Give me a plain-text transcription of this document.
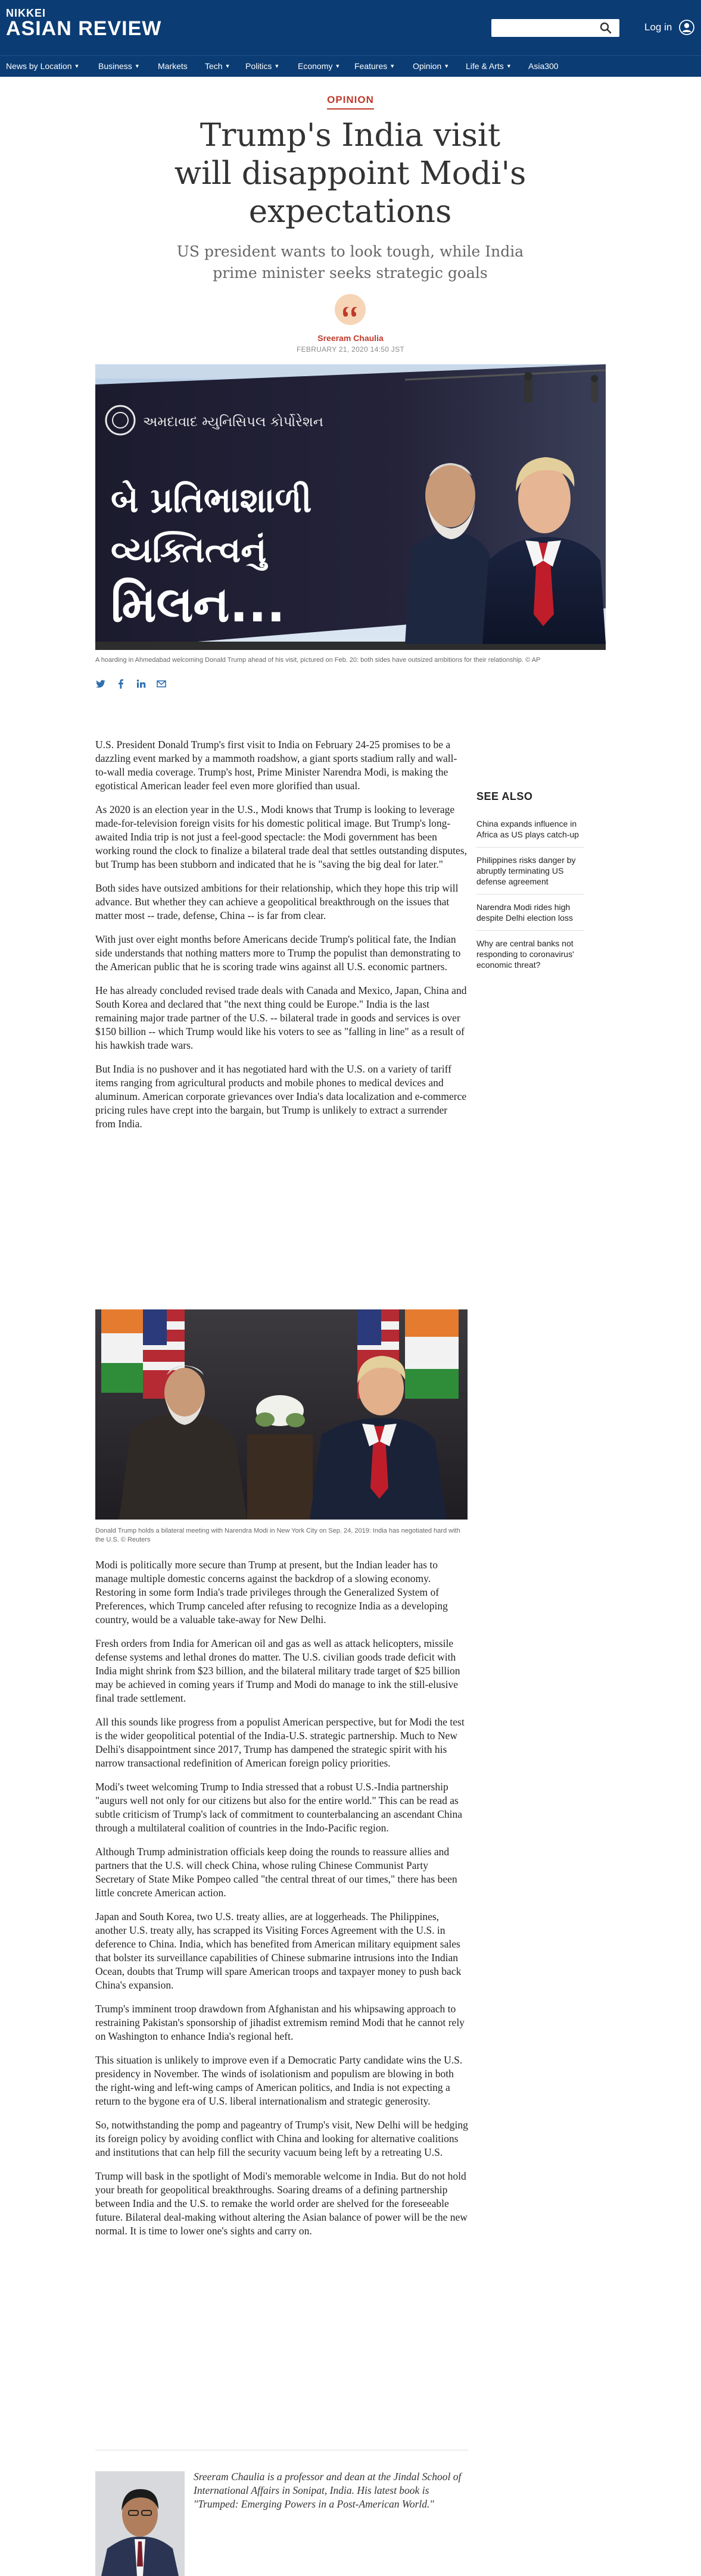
NIKKEI
ASIAN REVIEW	Log in
News by Location ▼ Business ▼ Markets Tech ▼ Politics ▼ Economy ▼ Features ▼ Opinion ▼ Life & Arts ▼ Asia300
OPINION
Trump's India visit will disappoint Modi's expectations
US president wants to look tough, while India prime minister seeks strategic goals
Sreeram Chaulia
FEBRUARY 21, 2020 14:50 JST
અમદાવાદ મ્યુનિસિપલ કોર્પોરેશન
બે પ્રતિભાશાળી
વ્યક્તિત્વનું
મિલન...
A hoarding in Ahmedabad welcoming Donald Trump ahead of his visit, pictured on Feb. 20: both sides have outsized ambitions for their relationship. © AP

U.S. President Donald Trump's first visit to India on February 24-25 promises to be a dazzling event marked by a mammoth roadshow, a giant sports stadium rally and wall-to-wall media coverage. Trump's host, Prime Minister Narendra Modi, is making the egotistical American leader feel even more glorified than usual.

As 2020 is an election year in the U.S., Modi knows that Trump is looking to leverage made-for-television foreign visits for his domestic political image. But Trump's long-awaited India trip is not just a feel-good spectacle: the Modi government has been working round the clock to finalize a bilateral trade deal that settles outstanding disputes, but Trump has been stubborn and indicated that he is "saving the big deal for later."

Both sides have outsized ambitions for their relationship, which they hope this trip will advance. But whether they can achieve a geopolitical breakthrough on the issues that matter most -- trade, defense, China -- is far from clear.

With just over eight months before Americans decide Trump's political fate, the Indian side understands that nothing matters more to Trump the populist than demonstrating to the American public that he is scoring trade wins against all U.S. economic partners.

He has already concluded revised trade deals with Canada and Mexico, Japan, China and South Korea and declared that "the next thing could be Europe." India is the last remaining major trade partner of the U.S. -- bilateral trade in goods and services is over $150 billion -- which Trump would like his voters to see as "falling in line" as a result of his hawkish trade wars.

But India is no pushover and it has negotiated hard with the U.S. on a variety of tariff items ranging from agricultural products and mobile phones to medical devices and aluminum. American corporate grievances over India's data localization and e-commerce pricing rules have crept into the bargain, but Trump is unlikely to extract a surrender from India.

SEE ALSO
China expands influence in Africa as US plays catch-up
Philippines risks danger by abruptly terminating US defense agreement
Narendra Modi rides high despite Delhi election loss
Why are central banks not responding to coronavirus' economic threat?
Donald Trump holds a bilateral meeting with Narendra Modi in New York City on Sep. 24, 2019: India has negotiated hard with the U.S. © Reuters

Modi is politically more secure than Trump at present, but the Indian leader has to manage multiple domestic concerns against the backdrop of a slowing economy. Restoring in some form India's trade privileges through the Generalized System of Preferences, which Trump canceled after refusing to recognize India as a developing country, would be a valuable take-away for New Delhi.

Fresh orders from India for American oil and gas as well as attack helicopters, missile defense systems and lethal drones do matter. The U.S. civilian goods trade deficit with India might shrink from $23 billion, and the bilateral military trade target of $25 billion may be achieved in coming years if Trump and Modi do manage to ink the still-elusive final trade settlement.

All this sounds like progress from a populist American perspective, but for Modi the test is the wider geopolitical potential of the India-U.S. strategic partnership. Much to New Delhi's disappointment since 2017, Trump has dampened the strategic spirit with his narrow transactional redefinition of American foreign policy priorities.

Modi's tweet welcoming Trump to India stressed that a robust U.S.-India partnership "augurs well not only for our citizens but also for the entire world." This can be read as subtle criticism of Trump's lack of commitment to counterbalancing an ascendant China through a multilateral coalition of countries in the Indo-Pacific region.

Although Trump administration officials keep doing the rounds to reassure allies and partners that the U.S. will check China, whose ruling Chinese Communist Party Secretary of State Mike Pompeo called "the central threat of our times," there has been little concrete American action.

Japan and South Korea, two U.S. treaty allies, are at loggerheads. The Philippines, another U.S. treaty ally, has scrapped its Visiting Forces Agreement with the U.S. in deference to China. India, which has benefited from American military equipment sales that bolster its surveillance capabilities of Chinese submarine intrusions into the Indian Ocean, doubts that Trump will spare American troops and taxpayer money to push back China's expansion.

Trump's imminent troop drawdown from Afghanistan and his whipsawing approach to restraining Pakistan's sponsorship of jihadist extremism remind Modi that he cannot rely on Washington to enhance India's regional heft.

This situation is unlikely to improve even if a Democratic Party candidate wins the U.S. presidency in November. The winds of isolationism and populism are blowing in both the right-wing and left-wing camps of American politics, and India is not expecting a return to the bygone era of U.S. liberal internationalism and strategic generosity.

So, notwithstanding the pomp and pageantry of Trump's visit, New Delhi will be hedging its foreign policy by avoiding conflict with China and looking for alternative coalitions and institutions that can help fill the security vacuum being left by a retreating U.S.

Trump will bask in the spotlight of Modi's memorable welcome in India. But do not hold your breath for geopolitical breakthroughs. Soaring dreams of a defining partnership between India and the U.S. to remake the world order are shelved for the foreseeable future. Bilateral deal-making without altering the Asian balance of power will be the new normal. It is time to lower one's sights and carry on.

Sreeram Chaulia is a professor and dean at the Jindal School of International Affairs in Sonipat, India. His latest book is "Trumped: Emerging Powers in a Post-American World."
